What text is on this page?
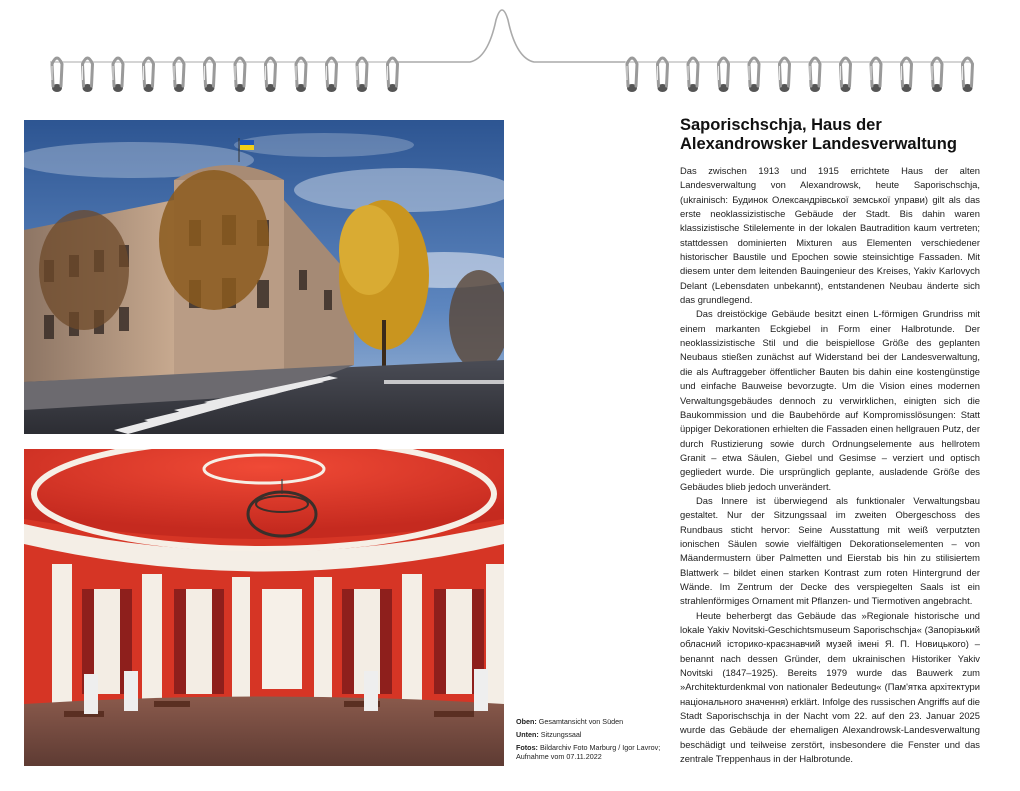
Oben: Gesamtansicht von Süden

Unten: Sitzungssaal

Fotos: Bildarchiv Foto Marburg / Igor Lavrov; Aufnahme vom 07.11.2022

Saporischschja, Haus der
Alexandrowsker Landesverwaltung

Das zwischen 1913 und 1915 errichtete Haus der alten Landesverwaltung von Alexandrowsk, heute Saporischschja, (ukrainisch: Будинок Олександрівської земської управи) gilt als das erste neoklassizistische Gebäude der Stadt. Bis dahin waren klassizistische Stilelemente in der lokalen Bautradition kaum vertreten; stattdessen dominierten Mixturen aus Elementen verschiedener historischer Baustile und Epochen sowie steinsichtige Fassaden. Mit diesem unter dem leitenden Bauingenieur des Kreises, Yakiv Karlovych Delant (Lebensdaten unbekannt), entstandenen Neubau änderte sich das grundlegend.

Das dreistöckige Gebäude besitzt einen L-förmigen Grundriss mit einem markanten Eckgiebel in Form einer Halbrotunde. Der neoklassizistische Stil und die beispiellose Größe des geplanten Neubaus stießen zunächst auf Widerstand bei der Landesverwaltung, die als Auftraggeber öffentlicher Bauten bis dahin eine kostengünstige und einfache Bauweise bevorzugte. Um die Vision eines modernen Verwaltungsgebäudes dennoch zu verwirklichen, einigten sich die Baukommission und die Baubehörde auf Kompromisslösungen: Statt üppiger Dekorationen erhielten die Fassaden einen hellgrauen Putz, der durch Rustizierung sowie durch Ordnungselemente aus hellrotem Granit – etwa Säulen, Giebel und Gesimse – verziert und optisch gegliedert wurde. Die ursprünglich geplante, ausladende Größe des Gebäudes blieb jedoch unverändert.

Das Innere ist überwiegend als funktionaler Verwaltungsbau gestaltet. Nur der Sitzungssaal im zweiten Obergeschoss des Rundbaus sticht hervor: Seine Ausstattung mit weiß verputzten ionischen Säulen sowie vielfältigen Dekorationselementen – von Mäandermustern über Palmetten und Eierstab bis hin zu stilisiertem Blattwerk – bildet einen starken Kontrast zum roten Hintergrund der Wände. Im Zentrum der Decke des verspiegelten Saals ist ein strahlenförmiges Ornament mit Pflanzen- und Tiermotiven angebracht.

Heute beherbergt das Gebäude das »Regionale historische und lokale Yakiv Novitski-Geschichtsmuseum Saporischschja« (Запорізький обласний історико-краєзнавчий музей імені Я. П. Новицького) – benannt nach dessen Gründer, dem ukrainischen Historiker Yakiv Novitski (1847–1925). Bereits 1979 wurde das Bauwerk zum »Architekturdenkmal von nationaler Bedeutung« (Пам'ятка архітектури національного значення) erklärt. Infolge des russischen Angriffs auf die Stadt Saporischschja in der Nacht vom 22. auf den 23. Januar 2025 wurde das Gebäude der ehemaligen Alexandrowsk-Landesverwaltung beschädigt und teilweise zerstört, insbesondere die Fenster und das zentrale Treppenhaus in der Halbrotunde.
